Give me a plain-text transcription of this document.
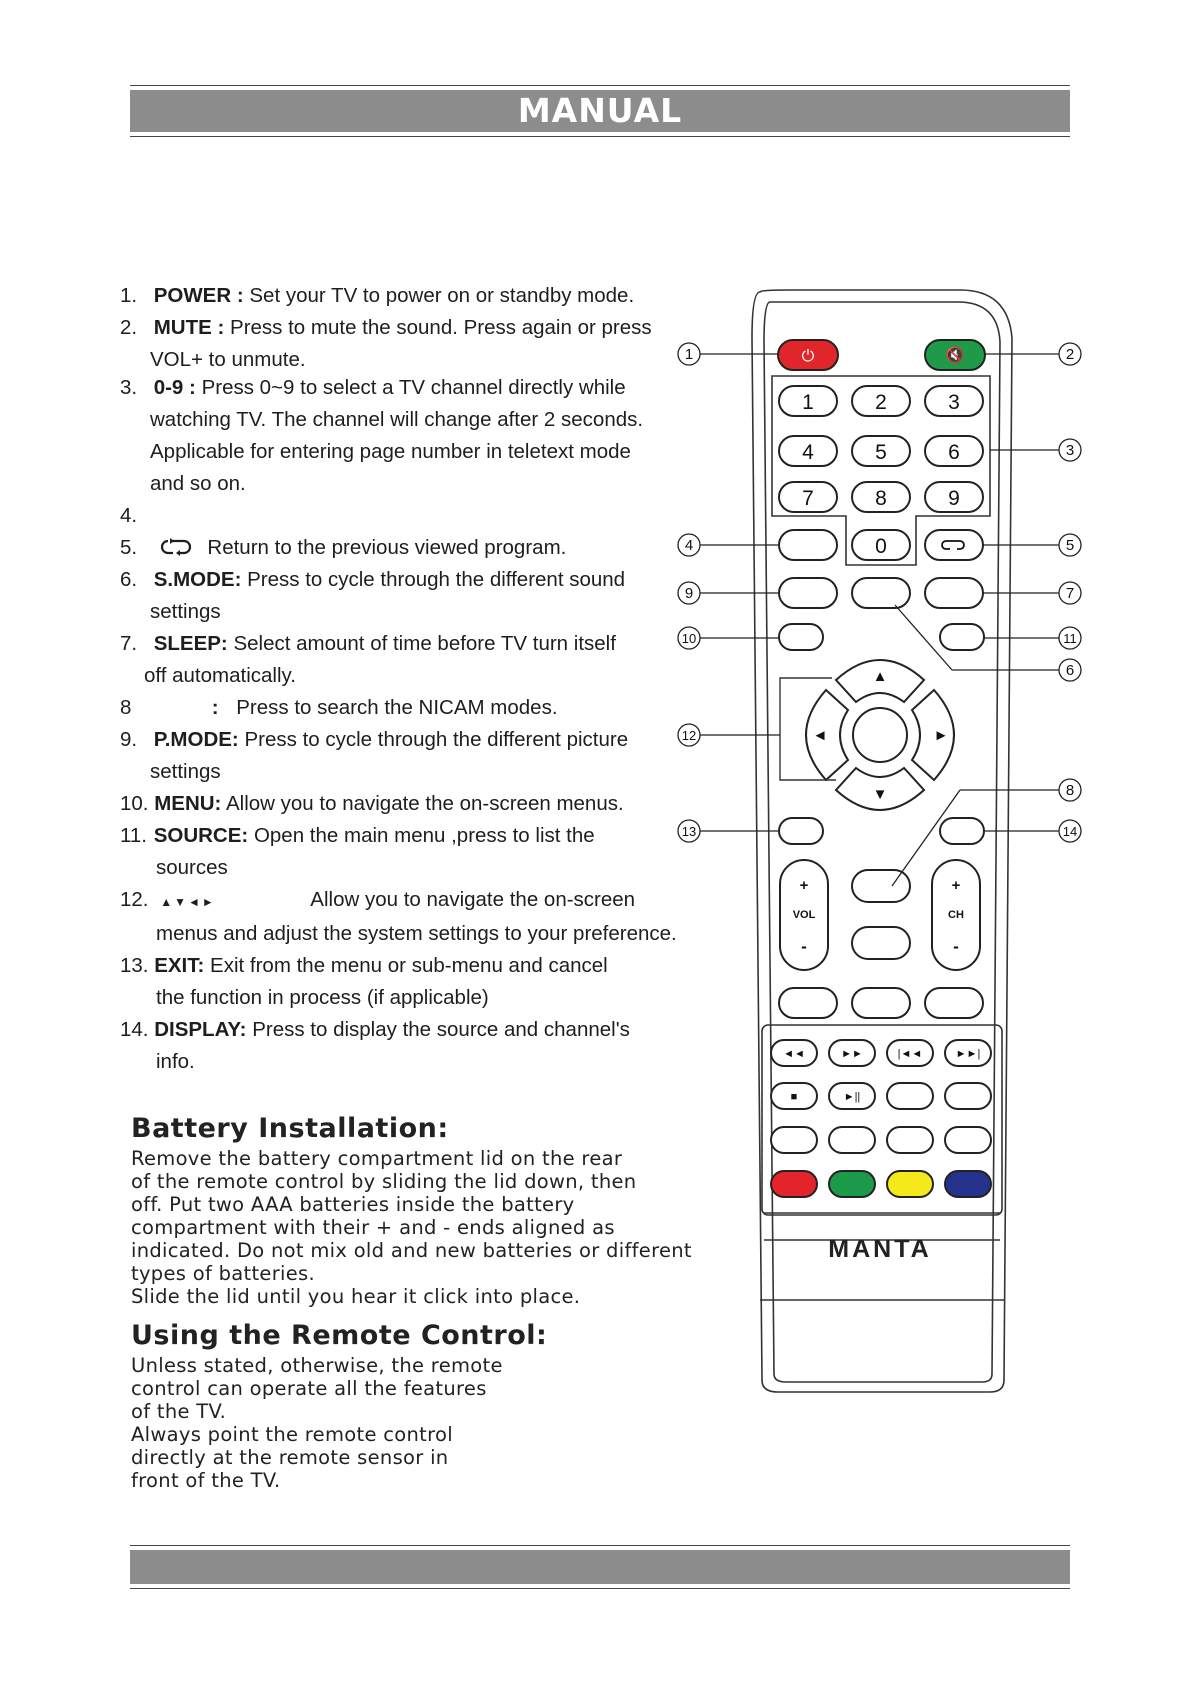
MANUAL
1. POWER : Set your TV to power on or standby mode.
2. MUTE : Press to mute the sound. Press again or press
VOL+ to unmute.
3. 0-9 : Press 0~9 to select a TV channel directly while
watching TV. The channel will change after 2 seconds.
Applicable for entering page number in teletext mode
and so on.
4.
5.	Return to the previous viewed program.
6. S.MODE: Press to cycle through the different sound
settings
7. SLEEP: Select amount of time before TV turn itself
off automatically.
8	: Press to search the NICAM modes.
9. P.MODE: Press to cycle through the different picture
settings
10. MENU: Allow you to navigate the on-screen menus.
11. SOURCE: Open the main menu ,press to list the
sources
12. ▲▼◄►	Allow you to navigate the on-screen
menus and adjust the system settings to your preference.
13. EXIT: Exit from the menu or sub-menu and cancel
the function in process (if applicable)
14. DISPLAY: Press to display the source and channel's
info.
Battery Installation:
Remove the battery compartment lid on the rear
of the remote control by sliding the lid down, then
off. Put two AAA batteries inside the battery
compartment with their + and - ends aligned as
indicated. Do not mix old and new batteries or different
types of batteries.
Slide the lid until you hear it click into place.
Using the Remote Control:
Unless stated, otherwise, the remote
control can operate all the features
of the TV.
Always point the remote control
directly at the remote sensor in
front of the TV.
⏻	🔇
1	2	3
4	5	6
7	8	9
0
▲
▼
◄	►
+
VOL
-
+
CH
-
◄◄	►►	|◄◄	►►|
■	►||
MANTA
1	2
3
4	5
6
7
8
9
10	11
12
13	14
